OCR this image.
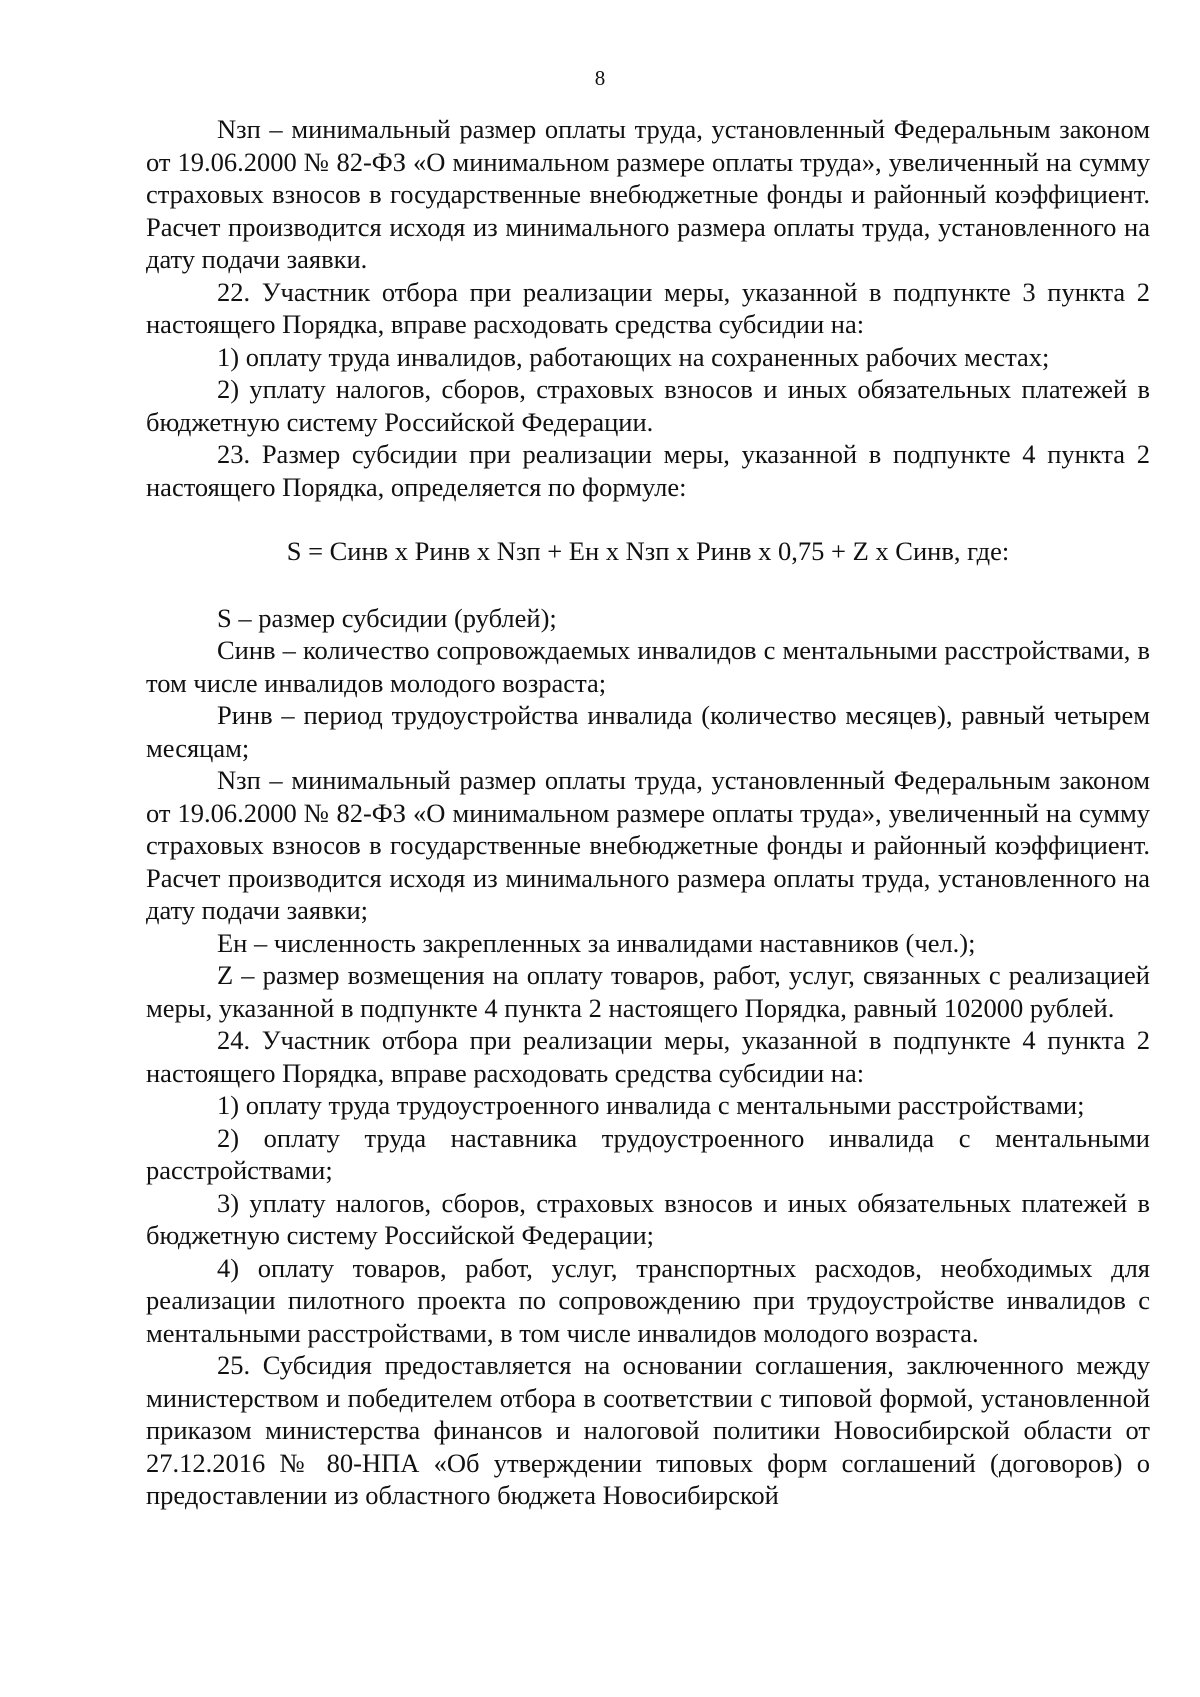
8

Nзп – минимальный размер оплаты труда, установленный Федеральным законом от 19.06.2000 № 82-ФЗ «О минимальном размере оплаты труда», увеличенный на сумму страховых взносов в государственные внебюджетные фонды и районный коэффициент. Расчет производится исходя из минимального размера оплаты труда, установленного на дату подачи заявки.

22. Участник отбора при реализации меры, указанной в подпункте 3 пункта 2 настоящего Порядка, вправе расходовать средства субсидии на:

1) оплату труда инвалидов, работающих на сохраненных рабочих местах;

2) уплату налогов, сборов, страховых взносов и иных обязательных платежей в бюджетную систему Российской Федерации.

23. Размер субсидии при реализации меры, указанной в подпункте 4 пункта 2 настоящего Порядка, определяется по формуле:

S = Синв х Ринв х Nзп + Ен х Nзп х Ринв х 0,75 + Z х Синв, где:

S – размер субсидии (рублей);

Синв – количество сопровождаемых инвалидов с ментальными расстройствами, в том числе инвалидов молодого возраста;

Ринв – период трудоустройства инвалида (количество месяцев), равный четырем месяцам;

Nзп – минимальный размер оплаты труда, установленный Федеральным законом от 19.06.2000 № 82-ФЗ «О минимальном размере оплаты труда», увеличенный на сумму страховых взносов в государственные внебюджетные фонды и районный коэффициент. Расчет производится исходя из минимального размера оплаты труда, установленного на дату подачи заявки;

Ен – численность закрепленных за инвалидами наставников (чел.);

Z – размер возмещения на оплату товаров, работ, услуг, связанных с реализацией меры, указанной в подпункте 4 пункта 2 настоящего Порядка, равный 102000 рублей.

24. Участник отбора при реализации меры, указанной в подпункте 4 пункта 2 настоящего Порядка, вправе расходовать средства субсидии на:

1) оплату труда трудоустроенного инвалида с ментальными расстройствами;

2) оплату труда наставника трудоустроенного инвалида с ментальными расстройствами;

3) уплату налогов, сборов, страховых взносов и иных обязательных платежей в бюджетную систему Российской Федерации;

4) оплату товаров, работ, услуг, транспортных расходов, необходимых для реализации пилотного проекта по сопровождению при трудоустройстве инвалидов с ментальными расстройствами, в том числе инвалидов молодого возраста.

25. Субсидия предоставляется на основании соглашения, заключенного между министерством и победителем отбора в соответствии с типовой формой, установленной приказом министерства финансов и налоговой политики Новосибирской области от 27.12.2016 № 80-НПА «Об утверждении типовых форм соглашений (договоров) о предоставлении из областного бюджета Новосибирской
